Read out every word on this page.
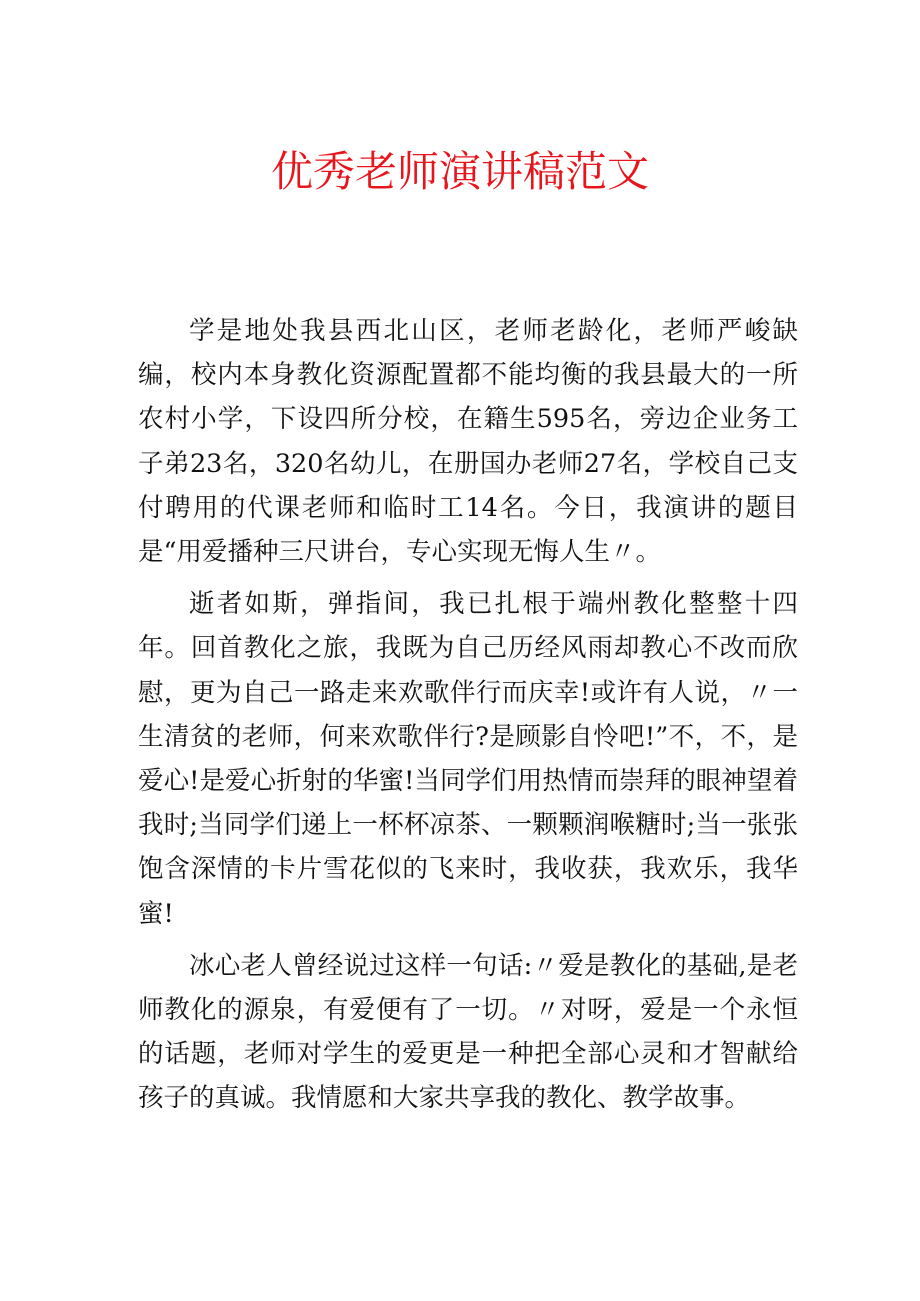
优秀老师演讲稿范文

学是地处我县西北山区，老师老龄化，老师严峻缺编，校内本身教化资源配置都不能均衡的我县最大的一所农村小学，下设四所分校，在籍生595名，旁边企业务工子弟23名，320名幼儿，在册国办老师27名，学校自己支付聘用的代课老师和临时工14名。今日，我演讲的题目是“用爱播种三尺讲台，专心实现无悔人生〃。

逝者如斯，弹指间，我已扎根于端州教化整整十四年。回首教化之旅，我既为自己历经风雨却教心不改而欣慰，更为自己一路走来欢歌伴行而庆幸!或许有人说，〃一生清贫的老师，何来欢歌伴行?是顾影自怜吧!”不，不，是爱心!是爱心折射的华蜜!当同学们用热情而崇拜的眼神望着我时;当同学们递上一杯杯凉茶、一颗颗润喉糖时;当一张张饱含深情的卡片雪花似的飞来时，我收获，我欢乐，我华蜜!

冰心老人曾经说过这样一句话:〃爱是教化的基础,是老师教化的源泉，有爱便有了一切。〃对呀，爱是一个永恒的话题，老师对学生的爱更是一种把全部心灵和才智献给孩子的真诚。我情愿和大家共享我的教化、教学故事。
